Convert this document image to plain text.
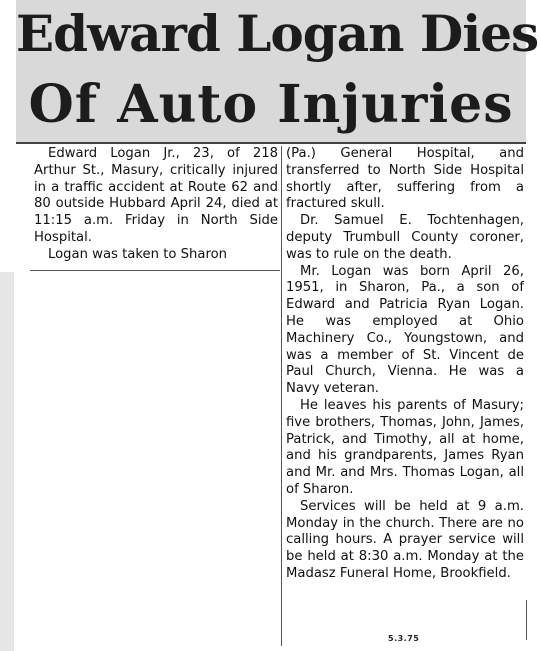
Edward Logan Dies
Of Auto Injuries

Edward Logan Jr., 23, of 218 Arthur St., Masury, critically injured in a traffic accident at Route 62 and 80 outside Hubbard April 24, died at 11:15 a.m. Friday in North Side Hospital.

Logan was taken to Sharon

(Pa.) General Hospital, and transferred to North Side Hospital shortly after, suffering from a fractured skull.

Dr. Samuel E. Tochtenhagen, deputy Trumbull County coroner, was to rule on the death.

Mr. Logan was born April 26, 1951, in Sharon, Pa., a son of Edward and Patricia Ryan Logan. He was employed at Ohio Machinery Co., Youngstown, and was a member of St. Vincent de Paul Church, Vienna. He was a Navy veteran.

He leaves his parents of Masury; five brothers, Thomas, John, James, Patrick, and Timothy, all at home, and his grandparents, James Ryan and Mr. and Mrs. Thomas Logan, all of Sharon.

Services will be held at 9 a.m. Monday in the church. There are no calling hours. A prayer service will be held at 8:30 a.m. Monday at the Madasz Funeral Home, Brookfield.

5.3.75
